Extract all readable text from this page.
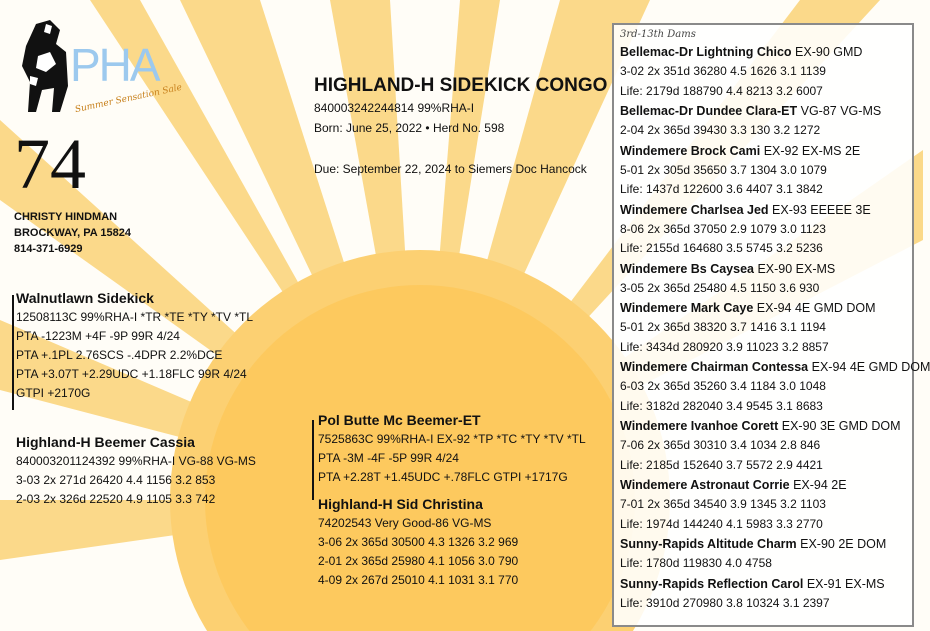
PHA
Summer Sensation Sale
74
CHRISTY HINDMAN
BROCKWAY, PA 15824
814-371-6929
HIGHLAND-H SIDEKICK CONGO
840003242244814 99%RHA-I
Born: June 25, 2022 • Herd No. 598
Due: September 22, 2024 to Siemers Doc Hancock
Walnutlawn Sidekick
12508113C 99%RHA-I *TR *TE *TY *TV *TL
PTA -1223M +4F -9P 99R 4/24
PTA +.1PL 2.76SCS -.4DPR 2.2%DCE
PTA +3.07T +2.29UDC +1.18FLC 99R 4/24
GTPI +2170G
Highland-H Beemer Cassia
840003201124392 99%RHA-I VG-88 VG-MS
3-03 2x 271d 26420 4.4 1156 3.2 853
2-03 2x 326d 22520 4.9 1105 3.3 742
Pol Butte Mc Beemer-ET
7525863C 99%RHA-I EX-92 *TP *TC *TY *TV *TL
PTA -3M -4F -5P 99R 4/24
PTA +2.28T +1.45UDC +.78FLC GTPI +1717G
Highland-H Sid Christina
74202543 Very Good-86 VG-MS
3-06 2x 365d 30500 4.3 1326 3.2 969
2-01 2x 365d 25980 4.1 1056 3.0 790
4-09 2x 267d 25010 4.1 1031 3.1 770
3rd-13th Dams
Bellemac-Dr Lightning Chico EX-90 GMD
3-02 2x 351d 36280 4.5 1626 3.1 1139
Life: 2179d 188790 4.4 8213 3.2 6007
Bellemac-Dr Dundee Clara-ET VG-87 VG-MS
2-04 2x 365d 39430 3.3 130 3.2 1272
Windemere Brock Cami EX-92 EX-MS 2E
5-01 2x 305d 35650 3.7 1304 3.0 1079
Life: 1437d 122600 3.6 4407 3.1 3842
Windemere Charlsea Jed EX-93 EEEEE 3E
8-06 2x 365d 37050 2.9 1079 3.0 1123
Life: 2155d 164680 3.5 5745 3.2 5236
Windemere Bs Caysea EX-90 EX-MS
3-05 2x 365d 25480 4.5 1150 3.6 930
Windemere Mark Caye EX-94 4E GMD DOM
5-01 2x 365d 38320 3.7 1416 3.1 1194
Life: 3434d 280920 3.9 11023 3.2 8857
Windemere Chairman Contessa EX-94 4E GMD DOM
6-03 2x 365d 35260 3.4 1184 3.0 1048
Life: 3182d 282040 3.4 9545 3.1 8683
Windemere Ivanhoe Corett EX-90 3E GMD DOM
7-06 2x 365d 30310 3.4 1034 2.8 846
Life: 2185d 152640 3.7 5572 2.9 4421
Windemere Astronaut Corrie EX-94 2E
7-01 2x 365d 34540 3.9 1345 3.2 1103
Life: 1974d 144240 4.1 5983 3.3 2770
Sunny-Rapids Altitude Charm EX-90 2E DOM
Life: 1780d 119830 4.0 4758
Sunny-Rapids Reflection Carol EX-91 EX-MS
Life: 3910d 270980 3.8 10324 3.1 2397
